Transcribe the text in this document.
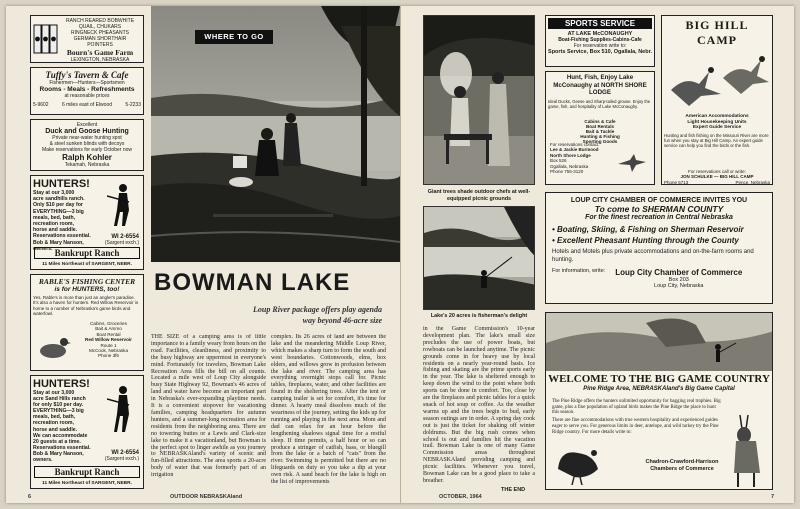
RANCH REARED BOBWHITE
QUAIL, CHUKARS
RINGNECK PHEASANTS
GERMAN SHORTHAIR
POINTERS
Bourn's Game Farm
LEXINGTON, NEBRASKA
Tuffy's Tavern & Cafe
Fishermen—Hunters—Sportsmen
Rooms - Meals - Refreshments
at reasonable prices
5-9602	6 miles east of Elwood	5-2233
Excellent
Duck and Goose Hunting
Private near-water hunting spot
& steel sunken blinds with decoys
Make reservations for early October now
Ralph Kohler
Tekamah, Nebraska
HUNTERS!
Stay at our 3,000
acre sandhills ranch.
Only $10 per day for
EVERYTHING—3 big
meals, bed, bath,
recreation room,
horse and saddle.
Reservations essential.
Bob & Mary Nanson, owners.
WI 2-6554
(Sargent exch.)
Bankrupt Ranch
11 Miles Northeast of SARGENT, NEBR.
RABLE'S FISHING CENTER
is for HUNTERS, too!
Yes, Rable's is more than just an angler's paradise. It's also a haven for hunters. Red Willow Reservoir is home to a number of Nebraska's game birds and waterfowl.
Cabins, Groceries
Bait & Ammo
Boat Rental
Red Willow Reservoir
Route 1
McCook, Nebraska
Phone 3f6
HUNTERS!
Stay at our 3,000
acre Sand Hills ranch
for only $10 per day.
EVERYTHING—3 big
meals, bed, bath,
recreation room,
horse and saddle.
We can accommodate
20 guests at a time.
Reservations essential.
Bob & Mary Nanson,
owners.
WI 2-6554
(Sargent exch.)
Bankrupt Ranch
11 Miles Northeast of SARGENT, NEBR.
WHERE TO GO
BOWMAN LAKE
Loup River package offers play agenda way beyond 46-acre size
THE SIZE of a camping area is of little importance to a family weary from hours on the road. Facilities, cleanliness, and proximity to the busy highway are uppermost in everyone's mind. Fortunately for travelers, Bowman Lake Recreation Area fills the bill on all counts. Located a mile west of Loup City alongside busy State Highway 92, Bowman's 46 acres of land and water have become an important part in Nebraska's ever-expanding playtime needs. It is a convenient stopover for vacationing families, camping headquarters for autumn hunters, and a summer-long recreation area for residents from the neighboring area. There are no towering buttes or a Lewis and Clark-size lake to make it a vacationland, but Bowman is the perfect spot to linger awhile as you journey to NEBRASKAland's variety of scenic and fun-filled attractions. The area sports a 20-acre body of water that was formerly part of an irrigation
complex. Its 26 acres of land are between the lake and the meandering Middle Loup River, which makes a sharp turn to form the south and west boundaries. Cottonwoods, elms, box elders, and willows grow in profusion between the lake and river. The camping area has everything overnight stops call for. Picnic tables, fireplaces, water, and other facilities are found in the sheltering trees. After the tent or camping trailer is set for comfort, it's time for dinner. A hearty meal dissolves much of the weariness of the journey, setting the kids up for running and playing in the next area. Mom and dad can relax for an hour before the lengthening shadows signal time for a restful sleep. If time permits, a half hour or so can produce a stringer of catfish, bass, or bluegill from the lake or a batch of "cats" from the river. Swimming is permitted but there are no lifeguards on duty so you take a dip at your own risk. A sand beach for the lake is high on the list of improvements
6	OUTDOOR NEBRASKAland
Giant trees shade outdoor chefs at well-equipped picnic grounds
Lake's 20 acres is fisherman's delight
in the Game Commission's 10-year development plan. The lake's small size precludes the use of power boats, but rowboats can be launched anytime. The picnic grounds come in for heavy use by local residents on a nearly year-round basis. Ice fishing and skating are the prime sports early in the year. The lake is sheltered enough to keep down the wind to the point where both sports can be done in comfort. Too, close by are the fireplaces and picnic tables for a quick snack of hot soup or coffee. As the weather warms up and the trees begin to bud, early season outings are in order. A spring day cook out is just the ticket for shaking off winter doldrums. But the big rush comes when school is out and families hit the vacation trail. Bowman Lake is one of many Game Commission areas throughout NEBRASKAland providing camping and picnic facilities. Whenever you travel, Bowman Lake can be a good place to take a breather.
THE END
SPORTS SERVICE
AT LAKE McCONAUGHY
Boat-Fishing Supplies-Cabins-Cafe
For reservation write to:
Sports Service, Box 510, Ogallala, Nebr.
Hunt, Fish, Enjoy Lake McConaughy at NORTH SHORE LODGE
Ideal Ducks, Geese and Sharp-tailed grouse. Enjoy the game, fish, and hospitality of Lake McConaughy.
Cabins & Cafe
Boat Rentals
Bait & Tackle
Hunting & Fishing
Sporting Goods
For reservations contact:
Lee & Jackie Burmood
North Shore Lodge
Box 526
Ogallala, Nebraska
Phone 755-3120
BIG HILL CAMP
American Accommodations
Light Housekeeping Units
Expert Guide Service
Hunting and fish fishing on the Missouri River are more fun when you stay at Big Hill Camp. An expert guide service can help you find the birds or the fish.
For reservations call or write:
JON SCHULKE — BIG HILL CAMP
Phone 5713	Pence, Nebraska
LOUP CITY CHAMBER OF COMMERCE INVITES YOU
To come to SHERMAN COUNTY
For the finest recreation in Central Nebraska
• Boating, Skiing, & Fishing on Sherman Reservoir
• Excellent Pheasant Hunting through the County
Hotels and Motels plus private accommodations and on-the-farm rooms and hunting.
For information, write: Loup City Chamber of Commerce
Box 203
Loup City, Nebraska
WELCOME TO THE BIG GAME COUNTRY
Pine Ridge Area, NEBRASKAland's Big Game Capital
The Pine Ridge offers the hunters unlimited opportunity for bagging real trophies. Big game, plus a fine population of upland birds makes the Pine Ridge the place to hunt this season.
There are fine accommodations with true western hospitality and experienced guides eager to serve you. For generous limits in deer, antelope, and wild turkey try the Pine Ridge country. For more details write to:
Chadron-Crawford-Harrison
Chambers of Commerce
OCTOBER, 1964	7
